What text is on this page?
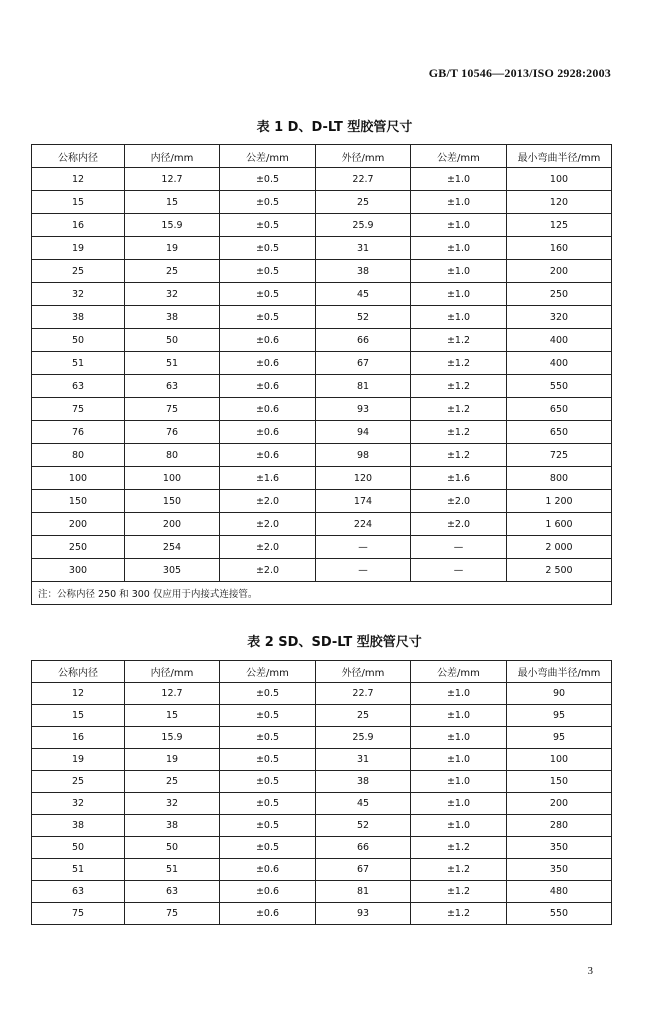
GB/T 10546—2013/ISO 2928:2003
表 1 D、D-LT 型胶管尺寸
公称内径	内径/mm	公差/mm	外径/mm	公差/mm	最小弯曲半径/mm
12	12.7	±0.5	22.7	±1.0	100
15	15	±0.5	25	±1.0	120
16	15.9	±0.5	25.9	±1.0	125
19	19	±0.5	31	±1.0	160
25	25	±0.5	38	±1.0	200
32	32	±0.5	45	±1.0	250
38	38	±0.5	52	±1.0	320
50	50	±0.6	66	±1.2	400
51	51	±0.6	67	±1.2	400
63	63	±0.6	81	±1.2	550
75	75	±0.6	93	±1.2	650
76	76	±0.6	94	±1.2	650
80	80	±0.6	98	±1.2	725
100	100	±1.6	120	±1.6	800
150	150	±2.0	174	±2.0	1 200
200	200	±2.0	224	±2.0	1 600
250	254	±2.0	—	—	2 000
300	305	±2.0	—	—	2 500
注：公称内径 250 和 300 仅应用于内接式连接管。					
表 2 SD、SD-LT 型胶管尺寸
公称内径	内径/mm	公差/mm	外径/mm	公差/mm	最小弯曲半径/mm
12	12.7	±0.5	22.7	±1.0	90
15	15	±0.5	25	±1.0	95
16	15.9	±0.5	25.9	±1.0	95
19	19	±0.5	31	±1.0	100
25	25	±0.5	38	±1.0	150
32	32	±0.5	45	±1.0	200
38	38	±0.5	52	±1.0	280
50	50	±0.5	66	±1.2	350
51	51	±0.6	67	±1.2	350
63	63	±0.6	81	±1.2	480
75	75	±0.6	93	±1.2	550
3
